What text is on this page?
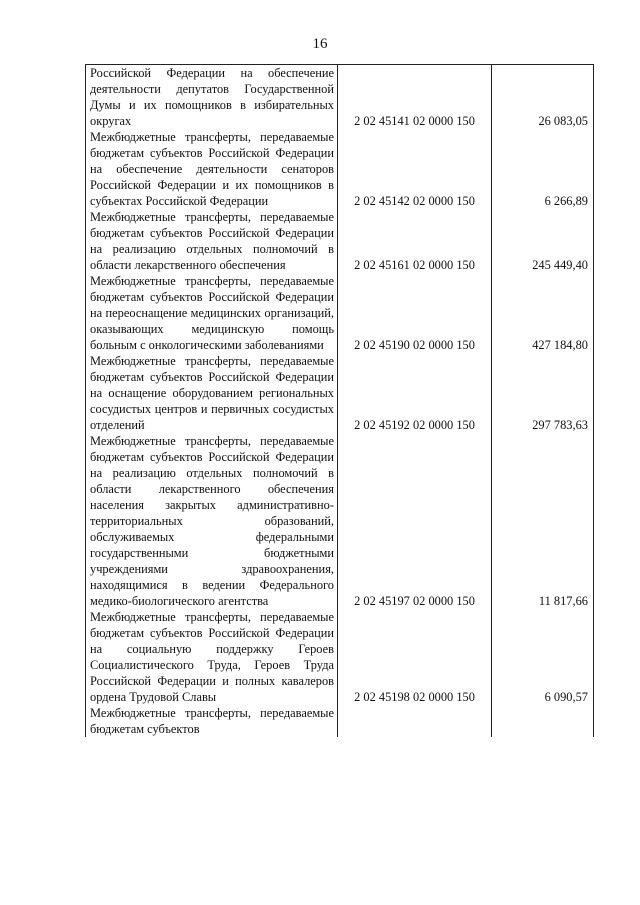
16
Российской Федерации на обеспечение деятельности депутатов Государственной Думы и их помощников в избирательных округах	2 02 45141 02 0000 150	26 083,05
Межбюджетные трансферты, передаваемые бюджетам субъектов Российской Федерации на обеспечение деятельности сенаторов Российской Федерации и их помощников в субъектах Российской Федерации	2 02 45142 02 0000 150	6 266,89
Межбюджетные трансферты, передаваемые бюджетам субъектов Российской Федерации на реализацию отдельных полномочий в области лекарственного обеспечения	2 02 45161 02 0000 150	245 449,40
Межбюджетные трансферты, передаваемые бюджетам субъектов Российской Федерации на переоснащение медицинских организаций, оказывающих медицинскую помощь больным с онкологическими заболеваниями	2 02 45190 02 0000 150	427 184,80
Межбюджетные трансферты, передаваемые бюджетам субъектов Российской Федерации на оснащение оборудованием региональных сосудистых центров и первичных сосудистых отделений	2 02 45192 02 0000 150	297 783,63
Межбюджетные трансферты, передаваемые бюджетам субъектов Российской Федерации на реализацию отдельных полномочий в области лекарственного обеспечения населения закрытых административно-территориальных образований, обслуживаемых федеральными государственными бюджетными учреждениями здравоохранения, находящимися в ведении Федерального медико-биологического агентства	2 02 45197 02 0000 150	11 817,66
Межбюджетные трансферты, передаваемые бюджетам субъектов Российской Федерации на социальную поддержку Героев Социалистического Труда, Героев Труда Российской Федерации и полных кавалеров ордена Трудовой Славы	2 02 45198 02 0000 150	6 090,57
Межбюджетные трансферты, передаваемые бюджетам субъектов		
